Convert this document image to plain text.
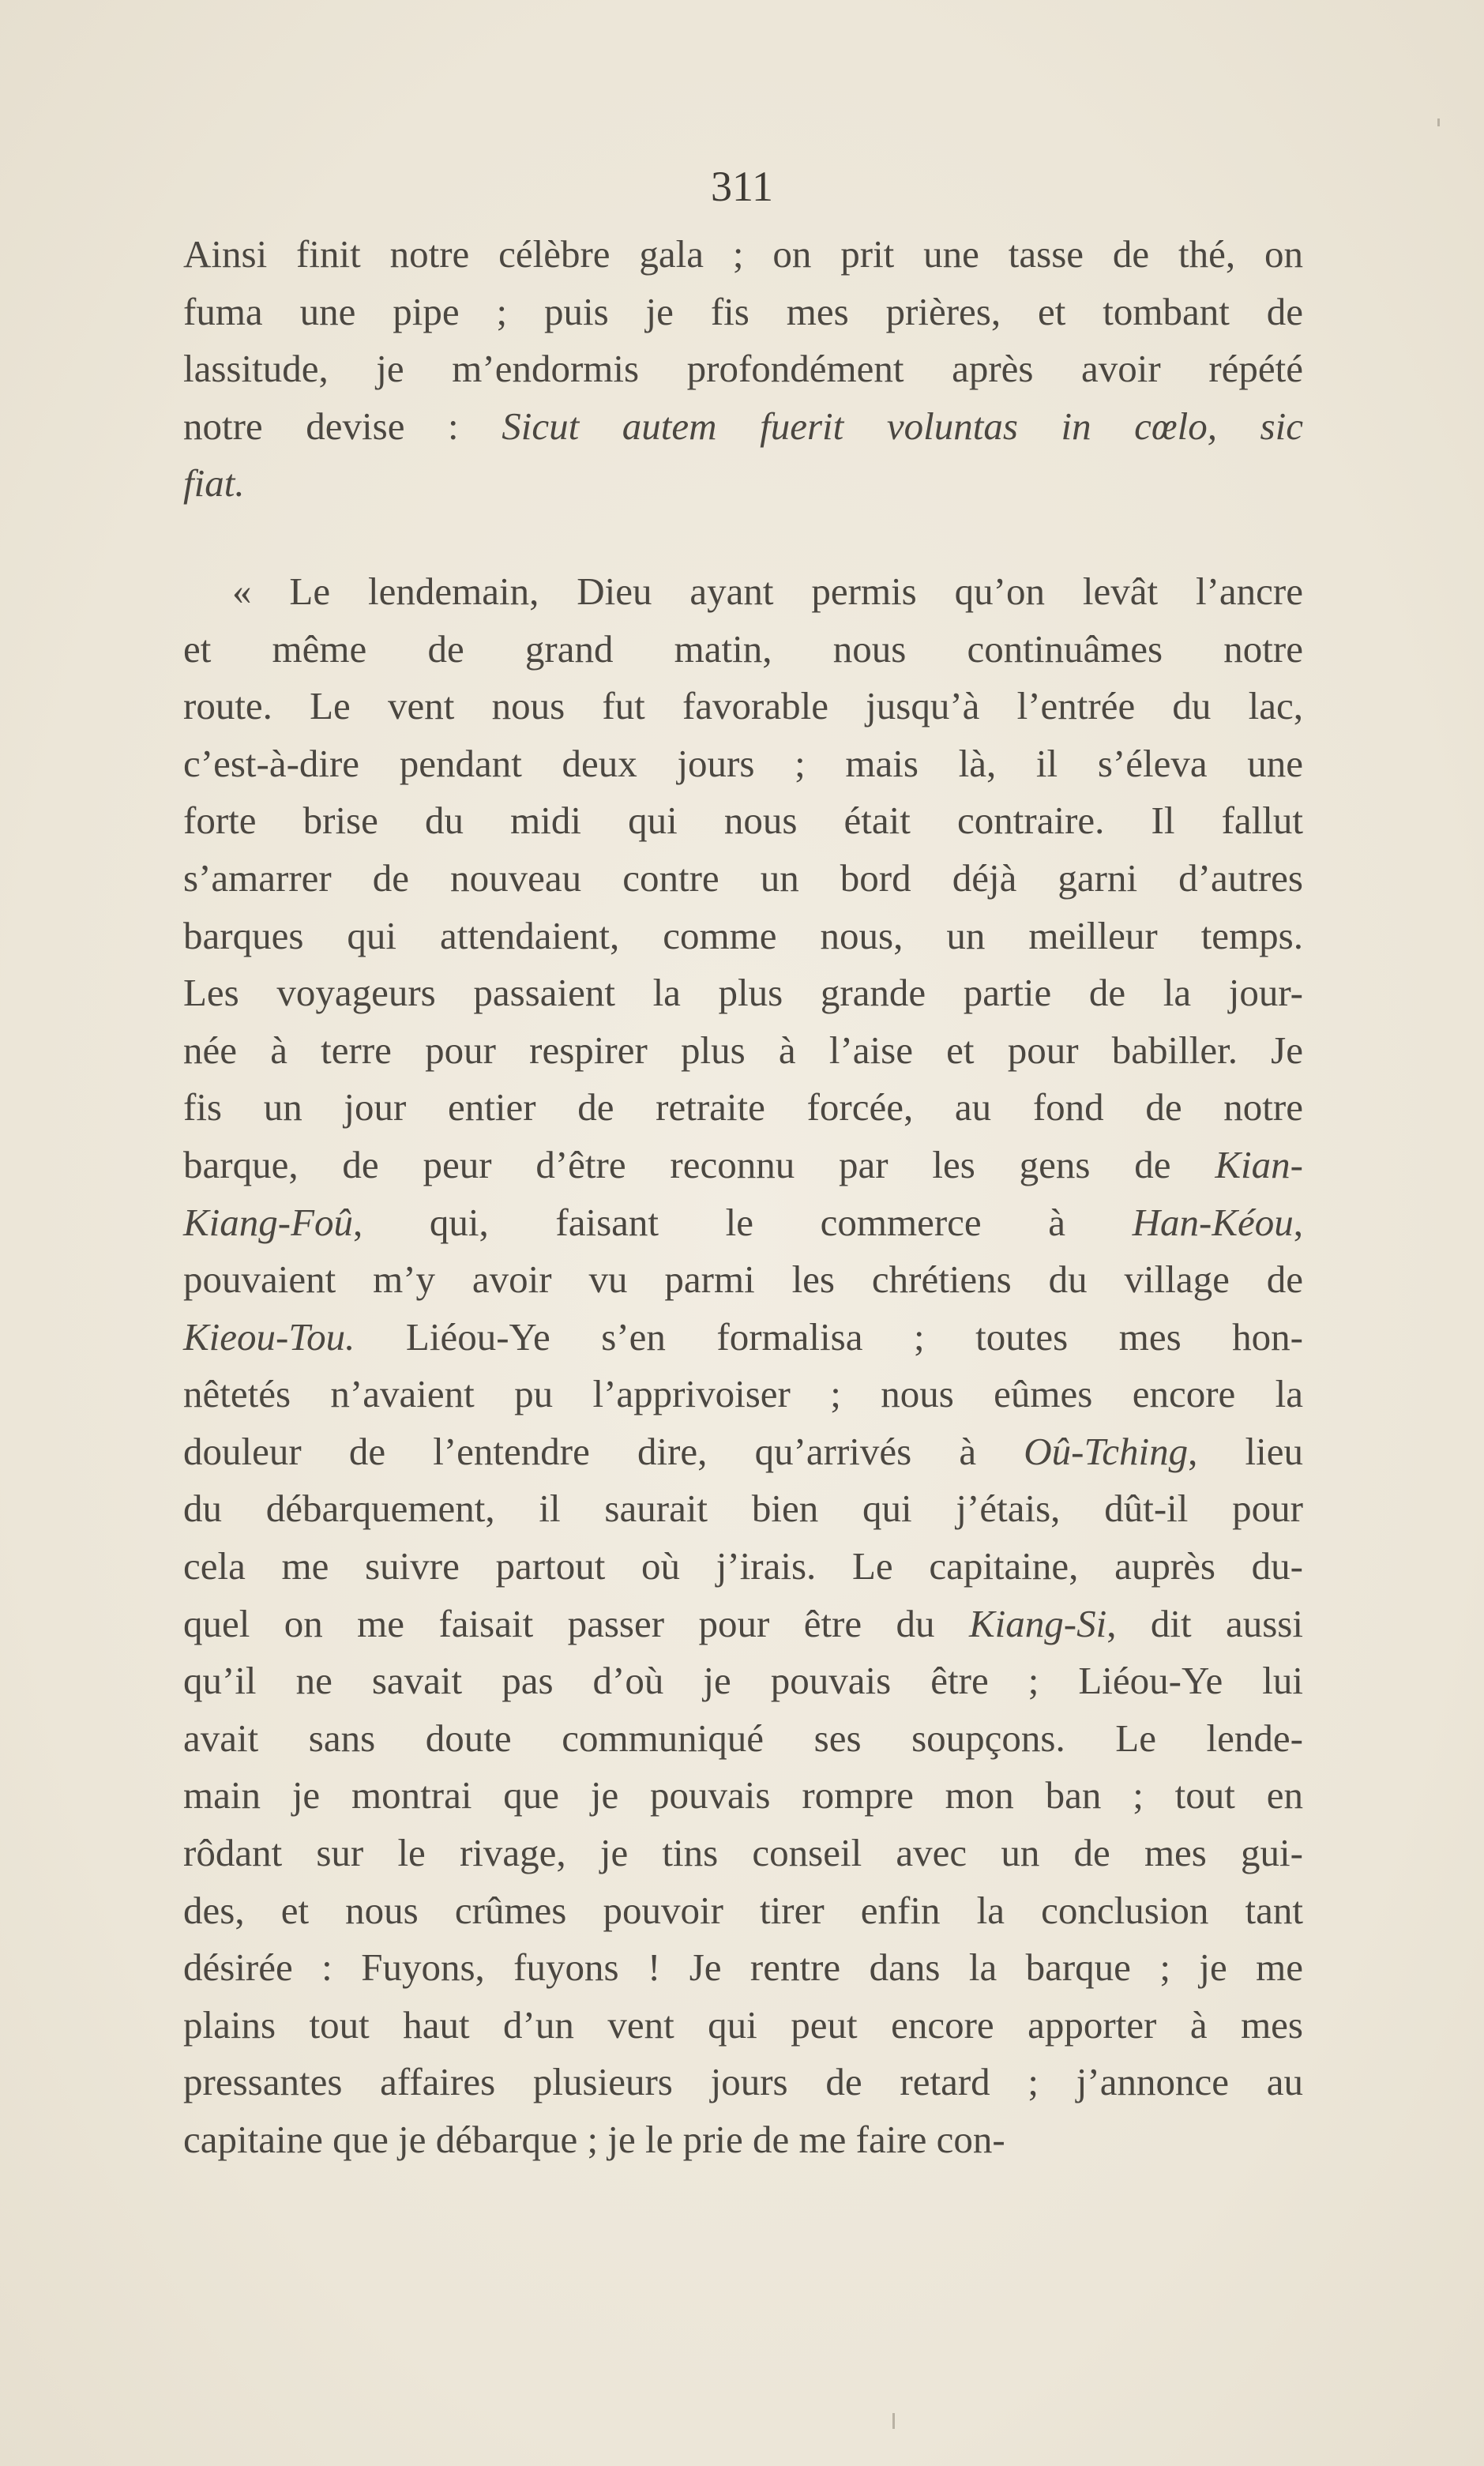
311
Ainsi finit notre célèbre gala ; on prit une tasse de thé, on
fuma une pipe ; puis je fis mes prières, et tombant de
lassitude, je m’endormis profondément après avoir répété
notre devise : Sicut autem fuerit voluntas in cœlo, sic
fiat.
« Le lendemain, Dieu ayant permis qu’on levât l’ancre
et même de grand matin, nous continuâmes notre
route. Le vent nous fut favorable jusqu’à l’entrée du lac,
c’est-à-dire pendant deux jours ; mais là, il s’éleva une
forte brise du midi qui nous était contraire. Il fallut
s’amarrer de nouveau contre un bord déjà garni d’autres
barques qui attendaient, comme nous, un meilleur temps.
Les voyageurs passaient la plus grande partie de la jour-
née à terre pour respirer plus à l’aise et pour babiller. Je
fis un jour entier de retraite forcée, au fond de notre
barque, de peur d’être reconnu par les gens de Kian-
Kiang-Foû, qui, faisant le commerce à Han-Kéou,
pouvaient m’y avoir vu parmi les chrétiens du village de
Kieou-Tou. Liéou-Ye s’en formalisa ; toutes mes hon-
nêtetés n’avaient pu l’apprivoiser ; nous eûmes encore la
douleur de l’entendre dire, qu’arrivés à Oû-Tching, lieu
du débarquement, il saurait bien qui j’étais, dût-il pour
cela me suivre partout où j’irais. Le capitaine, auprès du-
quel on me faisait passer pour être du Kiang-Si, dit aussi
qu’il ne savait pas d’où je pouvais être ; Liéou-Ye lui
avait sans doute communiqué ses soupçons. Le lende-
main je montrai que je pouvais rompre mon ban ; tout en
rôdant sur le rivage, je tins conseil avec un de mes gui-
des, et nous crûmes pouvoir tirer enfin la conclusion tant
désirée : Fuyons, fuyons ! Je rentre dans la barque ; je me
plains tout haut d’un vent qui peut encore apporter à mes
pressantes affaires plusieurs jours de retard ; j’annonce au
capitaine que je débarque ; je le prie de me faire con-
